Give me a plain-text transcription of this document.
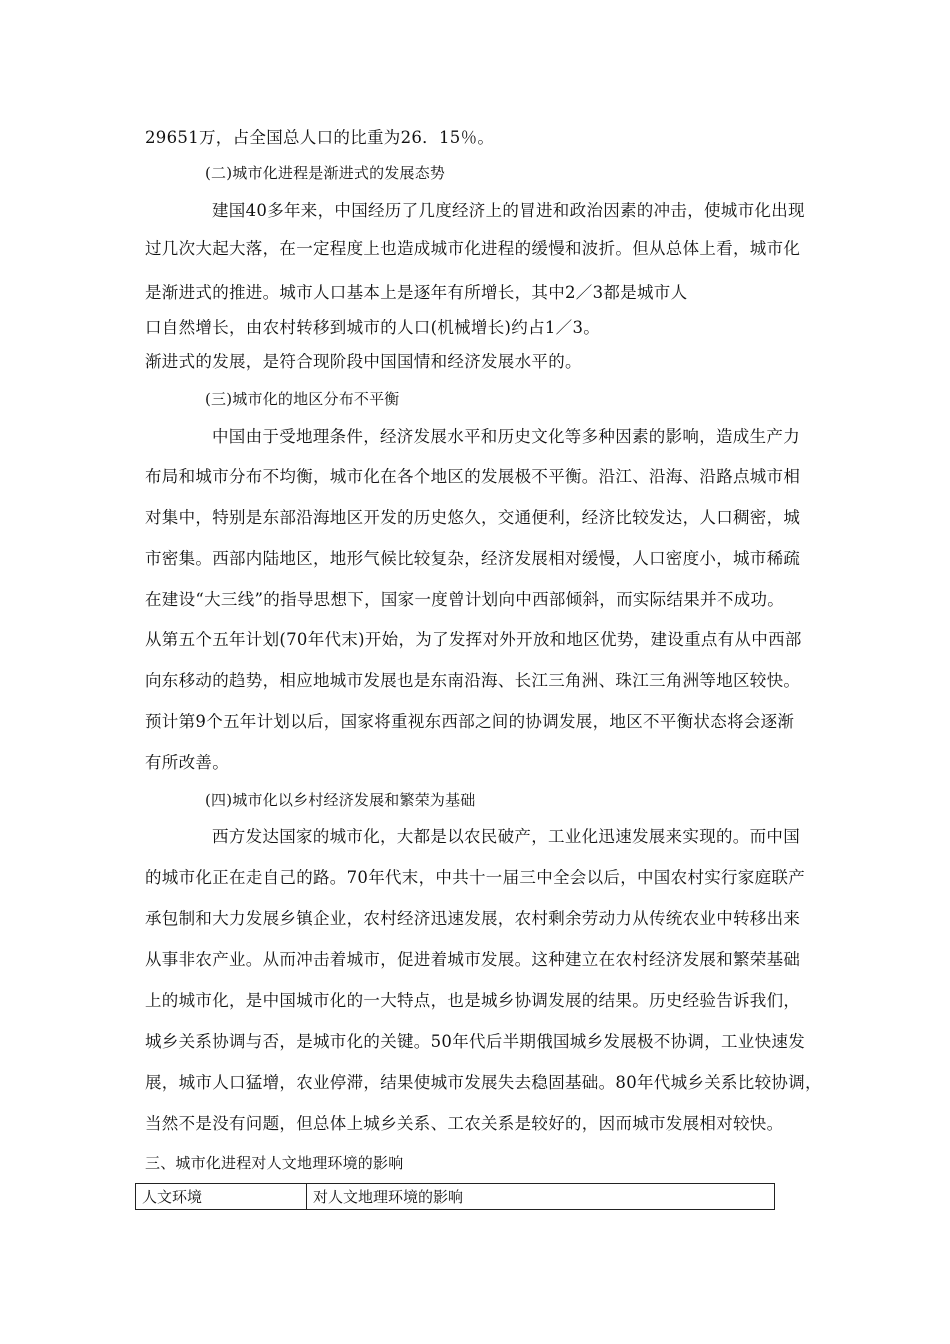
29651万，占全国总人口的比重为26．15％。
(二)城市化进程是渐进式的发展态势
建国40多年来，中国经历了几度经济上的冒进和政治因素的冲击，使城市化出现
过几次大起大落，在一定程度上也造成城市化进程的缓慢和波折。但从总体上看，城市化
是渐进式的推进。城市人口基本上是逐年有所增长，其中2／3都是城市人
口自然增长，由农村转移到城市的人口(机械增长)约占1／3。
渐进式的发展，是符合现阶段中国国情和经济发展水平的。
(三)城市化的地区分布不平衡
中国由于受地理条件，经济发展水平和历史文化等多种因素的影响，造成生产力
布局和城市分布不均衡，城市化在各个地区的发展极不平衡。沿江、沿海、沿路点城市相
对集中，特别是东部沿海地区开发的历史悠久，交通便利，经济比较发达，人口稠密，城
市密集。西部内陆地区，地形气候比较复杂，经济发展相对缓慢，人口密度小，城市稀疏
在建设“大三线”的指导思想下，国家一度曾计划向中西部倾斜，而实际结果并不成功。
从第五个五年计划(70年代末)开始，为了发挥对外开放和地区优势，建设重点有从中西部
向东移动的趋势，相应地城市发展也是东南沿海、长江三角洲、珠江三角洲等地区较快。
预计第9个五年计划以后，国家将重视东西部之间的协调发展，地区不平衡状态将会逐渐
有所改善。
(四)城市化以乡村经济发展和繁荣为基础
西方发达国家的城市化，大都是以农民破产，工业化迅速发展来实现的。而中国
的城市化正在走自己的路。70年代末，中共十一届三中全会以后，中国农村实行家庭联产
承包制和大力发展乡镇企业，农村经济迅速发展，农村剩余劳动力从传统农业中转移出来
从事非农产业。从而冲击着城市，促进着城市发展。这种建立在农村经济发展和繁荣基础
上的城市化，是中国城市化的一大特点，也是城乡协调发展的结果。历史经验告诉我们，
城乡关系协调与否，是城市化的关键。50年代后半期俄国城乡发展极不协调，工业快速发
展，城市人口猛增，农业停滞，结果使城市发展失去稳固基础。80年代城乡关系比较协调，
当然不是没有问题，但总体上城乡关系、工农关系是较好的，因而城市发展相对较快。
三、城市化进程对人文地理环境的影响
人文环境	对人文地理环境的影响
